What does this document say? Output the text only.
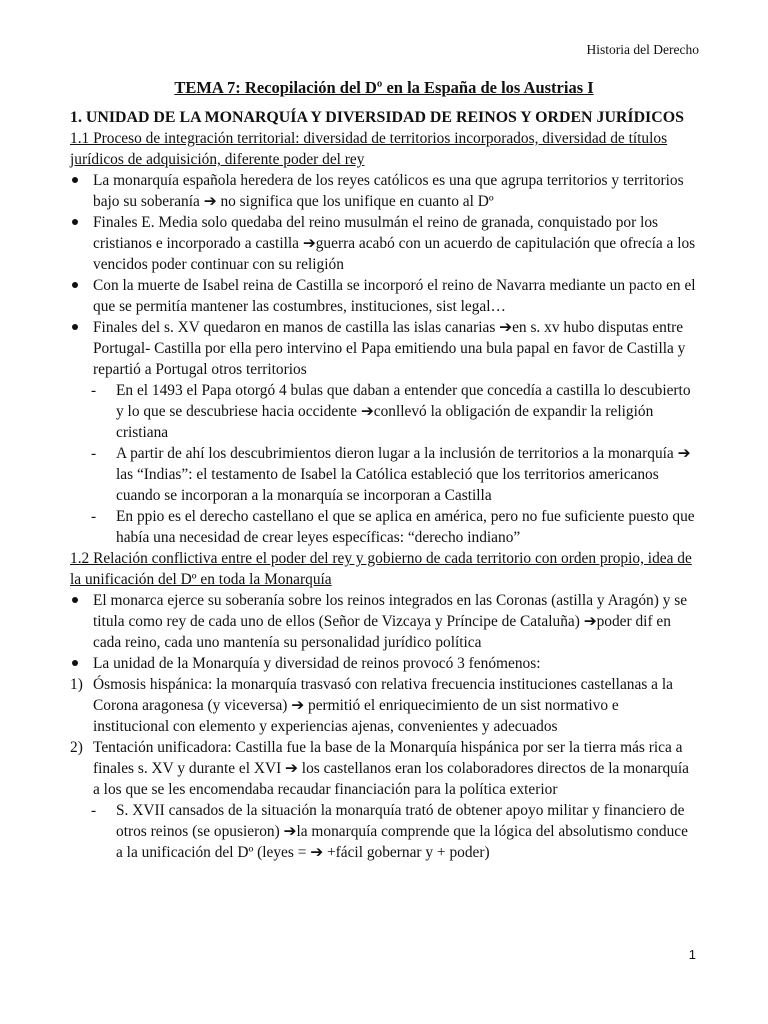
Historia del Derecho
TEMA 7: Recopilación del Dº en la España de los Austrias I

1. UNIDAD DE LA MONARQUÍA Y DIVERSIDAD DE REINOS Y ORDEN JURÍDICOS

1.1 Proceso de integración territorial: diversidad de territorios incorporados, diversidad de títulos jurídicos de adquisición, diferente poder del rey

La monarquía española heredera de los reyes católicos es una que agrupa territorios y territorios bajo su soberanía ➔ no significa que los unifique en cuanto al Dº
Finales E. Media solo quedaba del reino musulmán el reino de granada, conquistado por los cristianos e incorporado a castilla ➔guerra acabó con un acuerdo de capitulación que ofrecía a los vencidos poder continuar con su religión
Con la muerte de Isabel reina de Castilla se incorporó el reino de Navarra mediante un pacto en el que se permitía mantener las costumbres, instituciones, sist legal…
Finales del s. XV quedaron en manos de castilla las islas canarias ➔en s. xv hubo disputas entre Portugal- Castilla por ella pero intervino el Papa emitiendo una bula papal en favor de Castilla y repartió a Portugal otros territorios
- En el 1493 el Papa otorgó 4 bulas que daban a entender que concedía a castilla lo descubierto y lo que se descubriese hacia occidente ➔conllevó la obligación de expandir la religión cristiana
- A partir de ahí los descubrimientos dieron lugar a la inclusión de territorios a la monarquía ➔ las “Indias”: el testamento de Isabel la Católica estableció que los territorios americanos cuando se incorporan a la monarquía se incorporan a Castilla
- En ppio es el derecho castellano el que se aplica en américa, pero no fue suficiente puesto que había una necesidad de crear leyes específicas: “derecho indiano”

1.2 Relación conflictiva entre el poder del rey y gobierno de cada territorio con orden propio, idea de la unificación del Dº en toda la Monarquía

El monarca ejerce su soberanía sobre los reinos integrados en las Coronas (astilla y Aragón) y se titula como rey de cada uno de ellos (Señor de Vizcaya y Príncipe de Cataluña) ➔poder dif en cada reino, cada uno mantenía su personalidad jurídico política
La unidad de la Monarquía y diversidad de reinos provocó 3 fenómenos:
1) Ósmosis hispánica: la monarquía trasvasó con relativa frecuencia instituciones castellanas a la Corona aragonesa (y viceversa) ➔ permitió el enriquecimiento de un sist normativo e institucional con elemento y experiencias ajenas, convenientes y adecuados
2) Tentación unificadora: Castilla fue la base de la Monarquía hispánica por ser la tierra más rica a finales s. XV y durante el XVI ➔ los castellanos eran los colaboradores directos de la monarquía a los que se les encomendaba recaudar financiación para la política exterior
- S. XVII cansados de la situación la monarquía trató de obtener apoyo militar y financiero de otros reinos (se opusieron) ➔la monarquía comprende que la lógica del absolutismo conduce a la unificación del Dº (leyes = ➔ +fácil gobernar y + poder)
1
